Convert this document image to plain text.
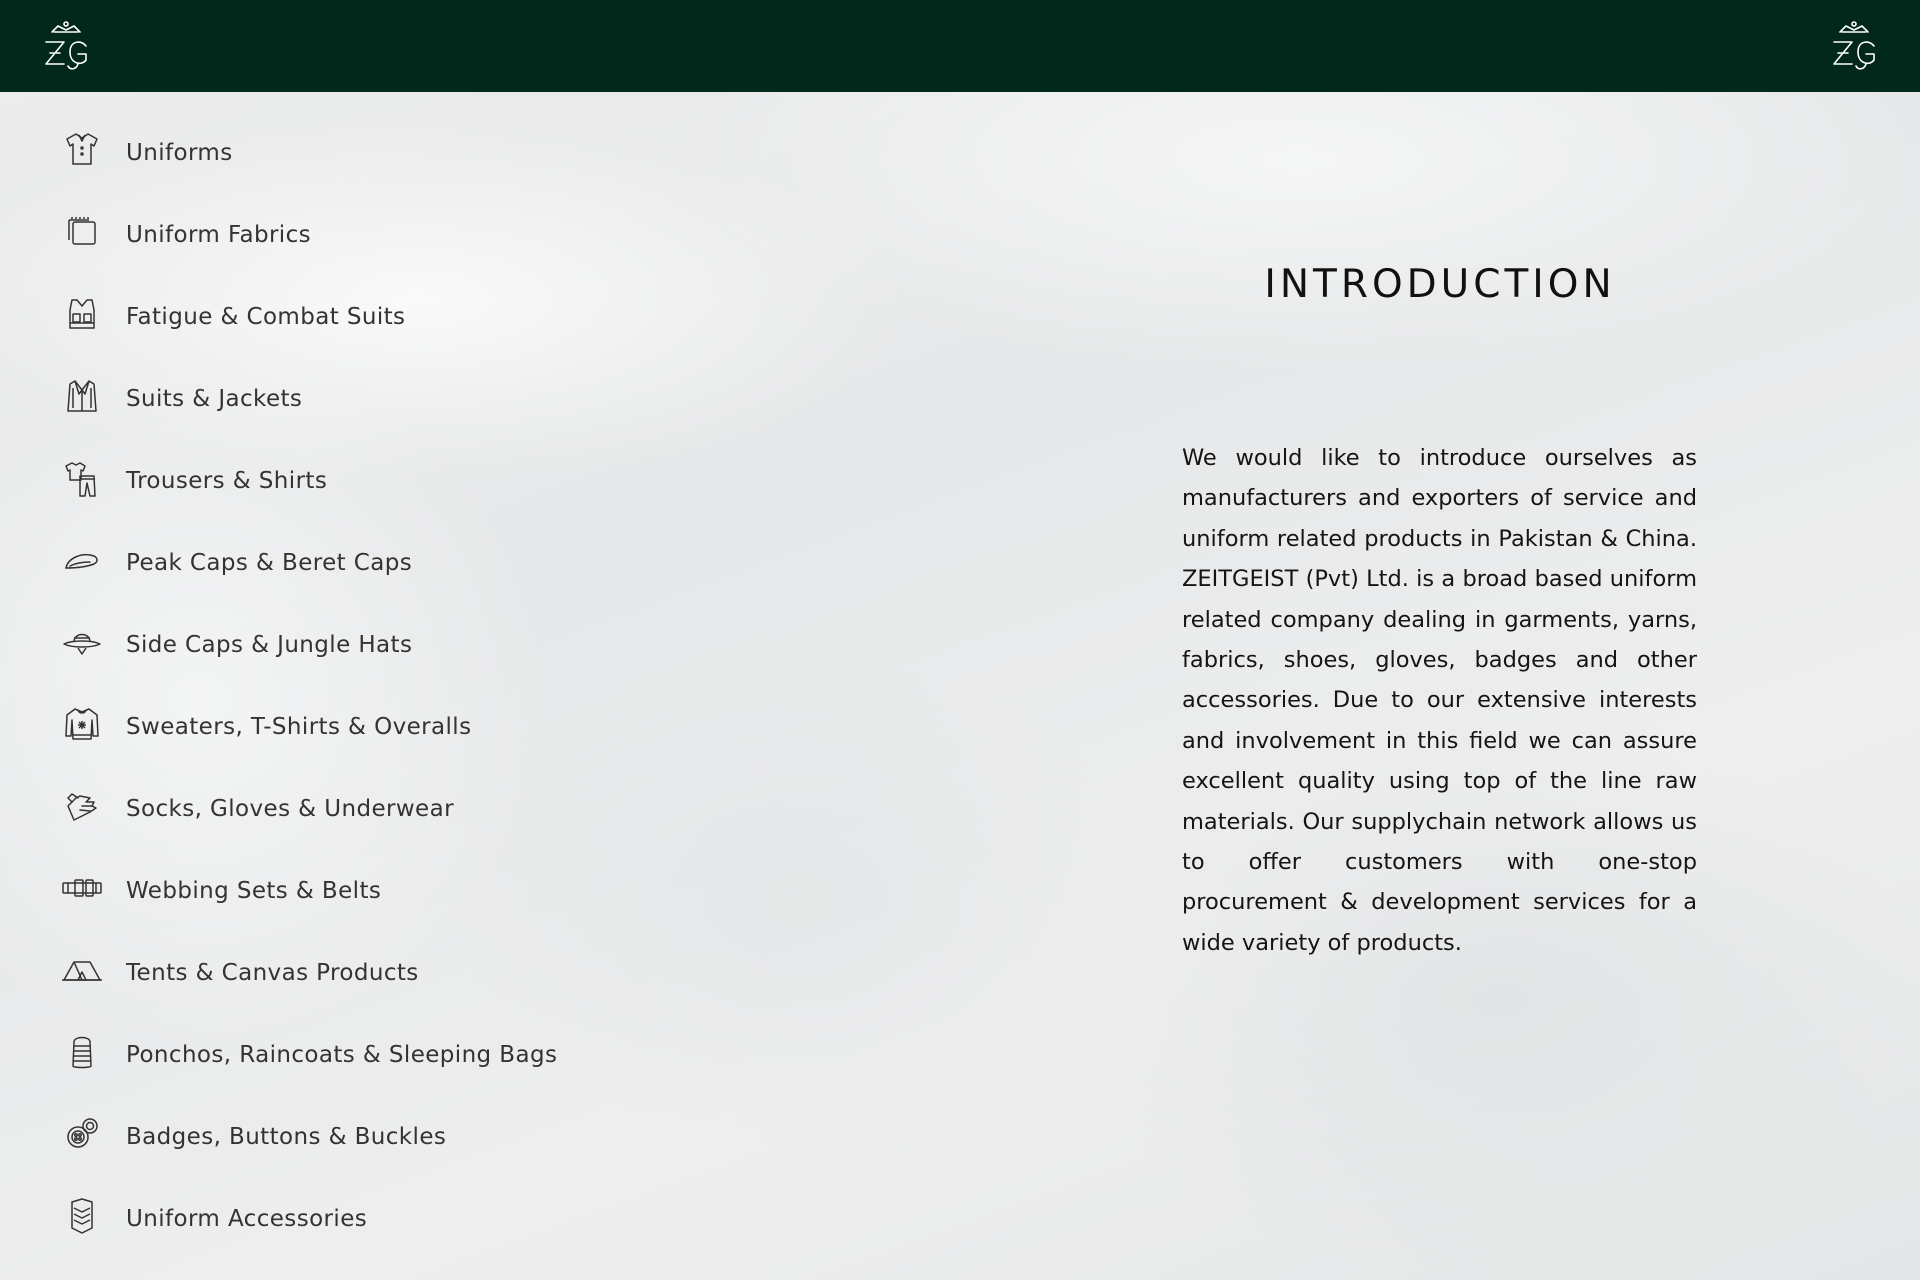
Uniforms
Uniform Fabrics
Fatigue & Combat Suits
Suits & Jackets
Trousers & Shirts
Peak Caps & Beret Caps
Side Caps & Jungle Hats
Sweaters, T-Shirts & Overalls
Socks, Gloves & Underwear
Webbing Sets & Belts
Tents & Canvas Products
Ponchos, Raincoats & Sleeping Bags
Badges, Buttons & Buckles
Uniform Accessories
INTRODUCTION

We would like to introduce ourselves as manufacturers and exporters of service and uniform related products in Pakistan & China. ZEITGEIST (Pvt) Ltd. is a broad based uniform related company dealing in garments, yarns, fabrics, shoes, gloves, badges and other accessories. Due to our extensive interests and involvement in this field we can assure excellent quality using top of the line raw materials. Our supplychain network allows us to offer customers with one-stop procurement & development services for a wide variety of products.
